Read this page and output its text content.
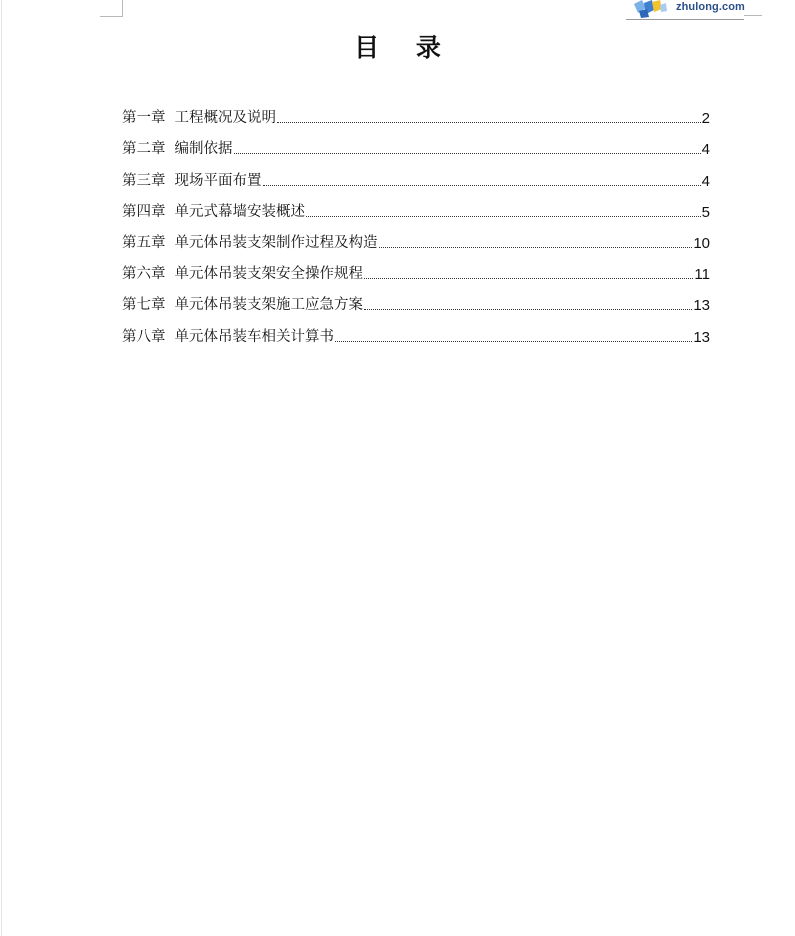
zhulong.com
目 录
第一章 工程概况及说明	2
第二章 编制依据	4
第三章 现场平面布置	4
第四章 单元式幕墙安装概述	5
第五章 单元体吊装支架制作过程及构造	10
第六章 单元体吊装支架安全操作规程	11
第七章 单元体吊装支架施工应急方案	13
第八章 单元体吊装车相关计算书	13
